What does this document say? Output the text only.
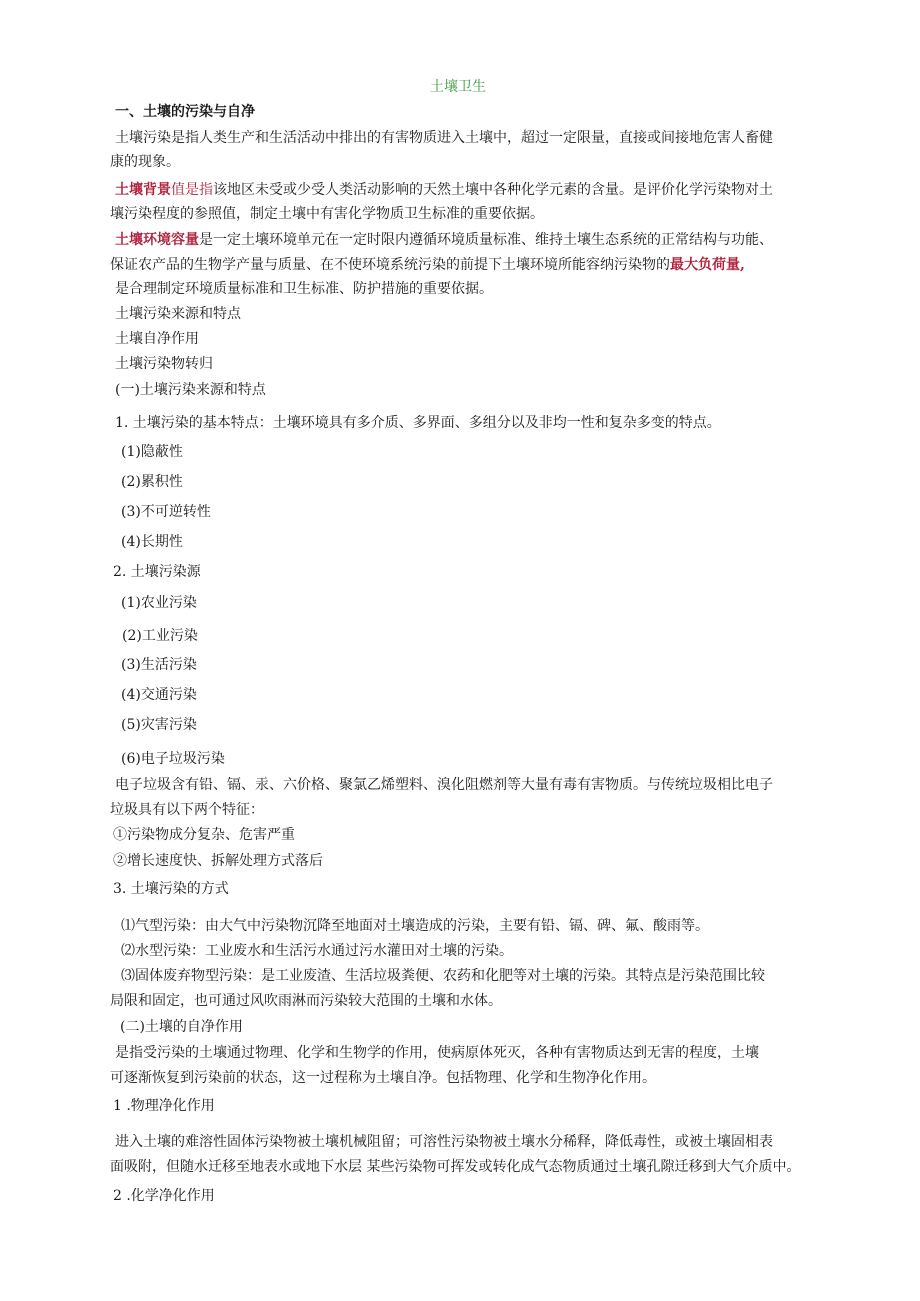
土壤卫生
一、土壤的污染与自净
土壤污染是指人类生产和生活活动中排出的有害物质进入土壤中，超过一定限量，直接或间接地危害人畜健
康的现象。
土壤背景值是指该地区未受或少受人类活动影响的天然土壤中各种化学元素的含量。是评价化学污染物对土
壤污染程度的参照值，制定土壤中有害化学物质卫生标准的重要依据。
土壤环境容量是一定土壤环境单元在一定时限内遵循环境质量标准、维持土壤生态系统的正常结构与功能、
保证农产品的生物学产量与质量、在不使环境系统污染的前提下土壤环境所能容纳污染物的最大负荷量,
是合理制定环境质量标准和卫生标准、防护措施的重要依据。
土壤污染来源和特点
土壤自净作用
土壤污染物转归
(一)土壤污染来源和特点
1. 土壤污染的基本特点：土壤环境具有多介质、多界面、多组分以及非均一性和复杂多变的特点。
(1)隐蔽性
(2)累积性
(3)不可逆转性
(4)长期性
2. 土壤污染源
(1)农业污染
(2)工业污染
(3)生活污染
(4)交通污染
(5)灾害污染
(6)电子垃圾污染
电子垃圾含有铅、镉、汞、六价格、聚氯乙烯塑料、溴化阻燃剂等大量有毒有害物质。与传统垃圾相比电子
垃圾具有以下两个特征：
①污染物成分复杂、危害严重
②增长速度快、拆解处理方式落后
3. 土壤污染的方式
⑴气型污染：由大气中污染物沉降至地面对土壤造成的污染，主要有铅、镉、碑、氟、酸雨等。
⑵水型污染：工业废水和生活污水通过污水灌田对土壤的污染。
⑶固体废弃物型污染：是工业废渣、生活垃圾粪便、农药和化肥等对土壤的污染。其特点是污染范围比较
局限和固定，也可通过风吹雨淋而污染较大范围的土壤和水体。
(二)土壤的自净作用
是指受污染的土壤通过物理、化学和生物学的作用，使病原体死灭，各种有害物质达到无害的程度，土壤
可逐渐恢复到污染前的状态，这一过程称为土壤自净。包括物理、化学和生物净化作用。
1 .物理净化作用
进入土壤的难溶性固体污染物被土壤机械阻留；可溶性污染物被土壤水分稀释，降低毒性，或被土壤固相表
面吸附，但随水迁移至地表水或地下水层 某些污染物可挥发或转化成气态物质通过土壤孔隙迁移到大气介质中。
2 .化学净化作用
